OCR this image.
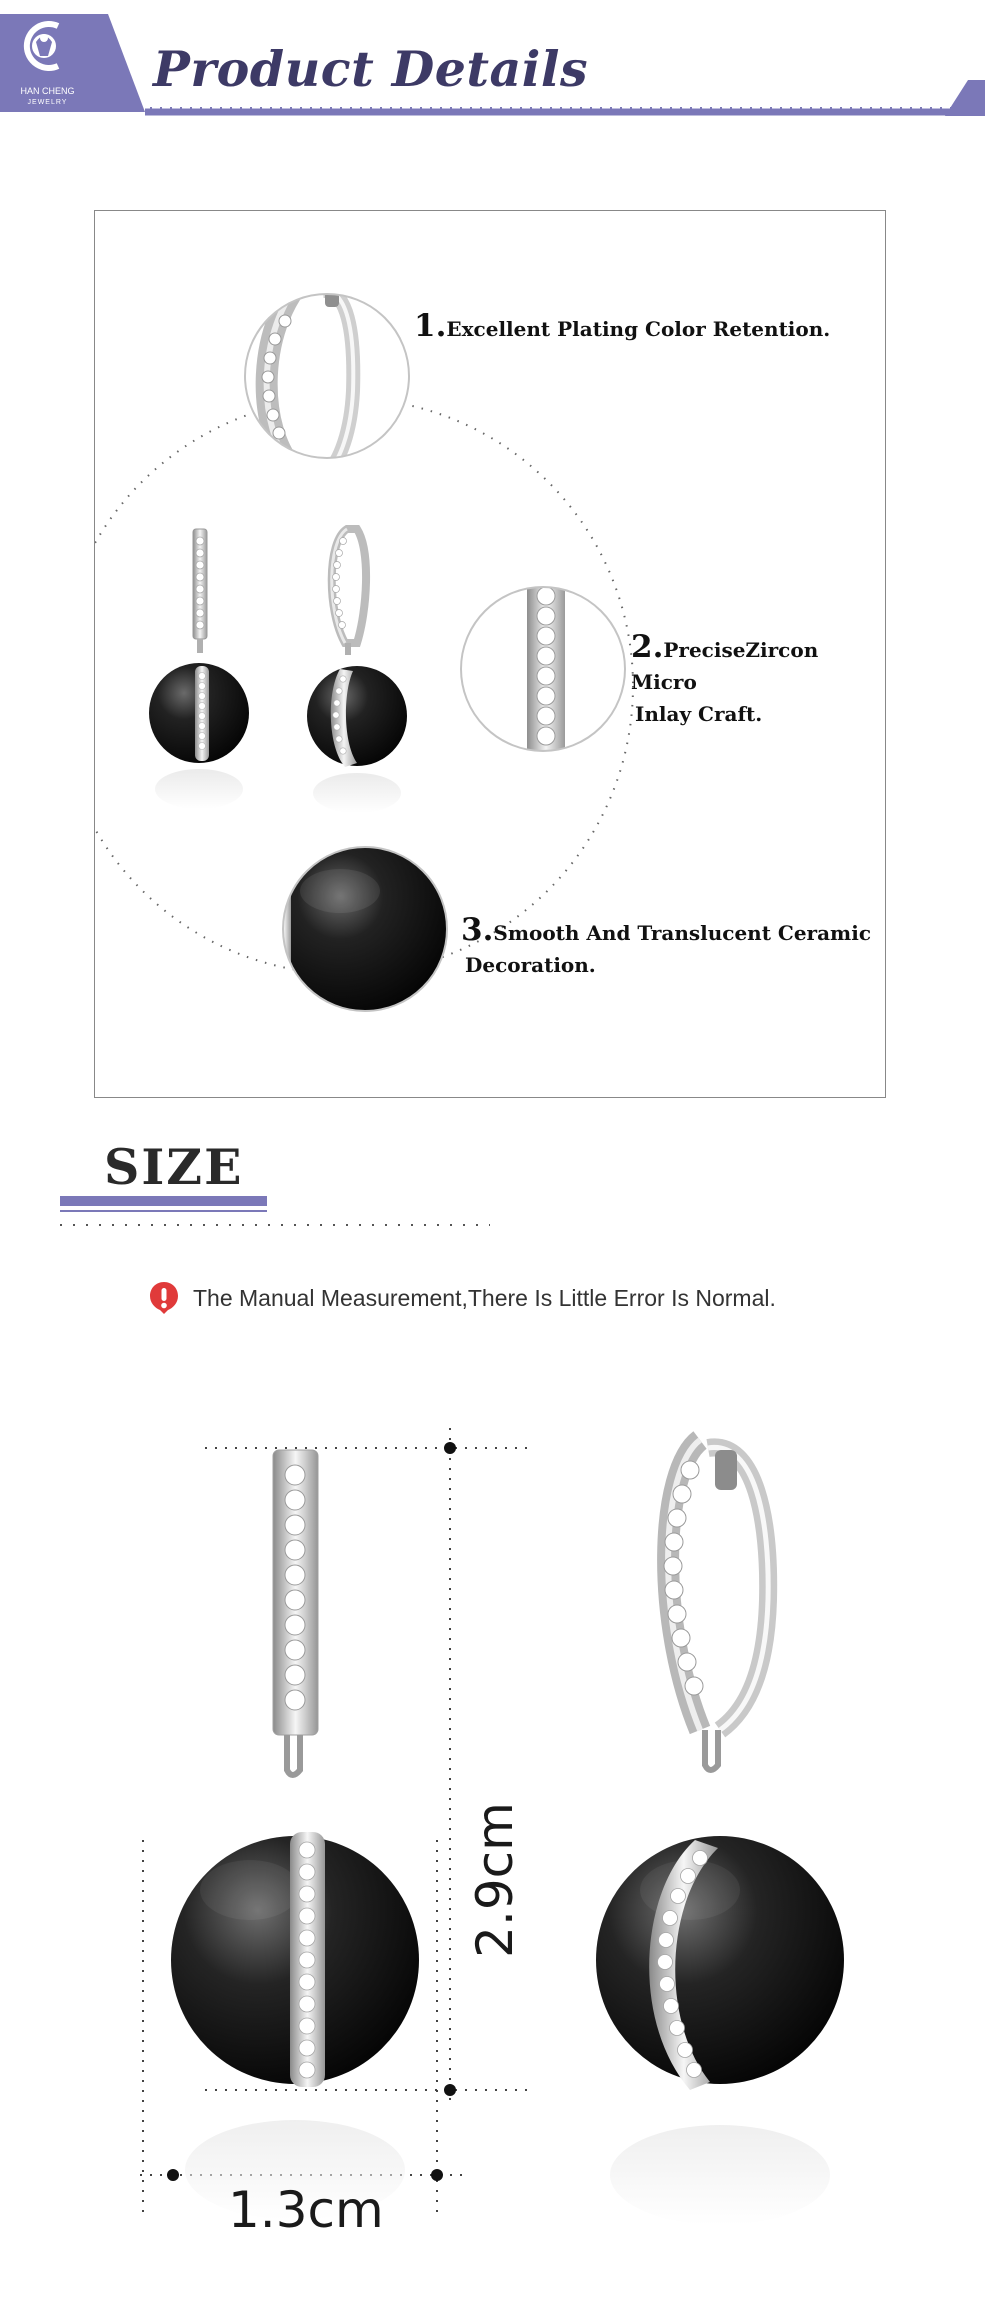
HAN CHENG
JEWELRY
Product Details
1.Excellent Plating Color Retention.
2.PreciseZircon Micro
Inlay Craft.
3.Smooth And Translucent Ceramic
Decoration.
SIZE
The Manual Measurement,There Is Little Error Is Normal.
2.9cm
1.3cm
